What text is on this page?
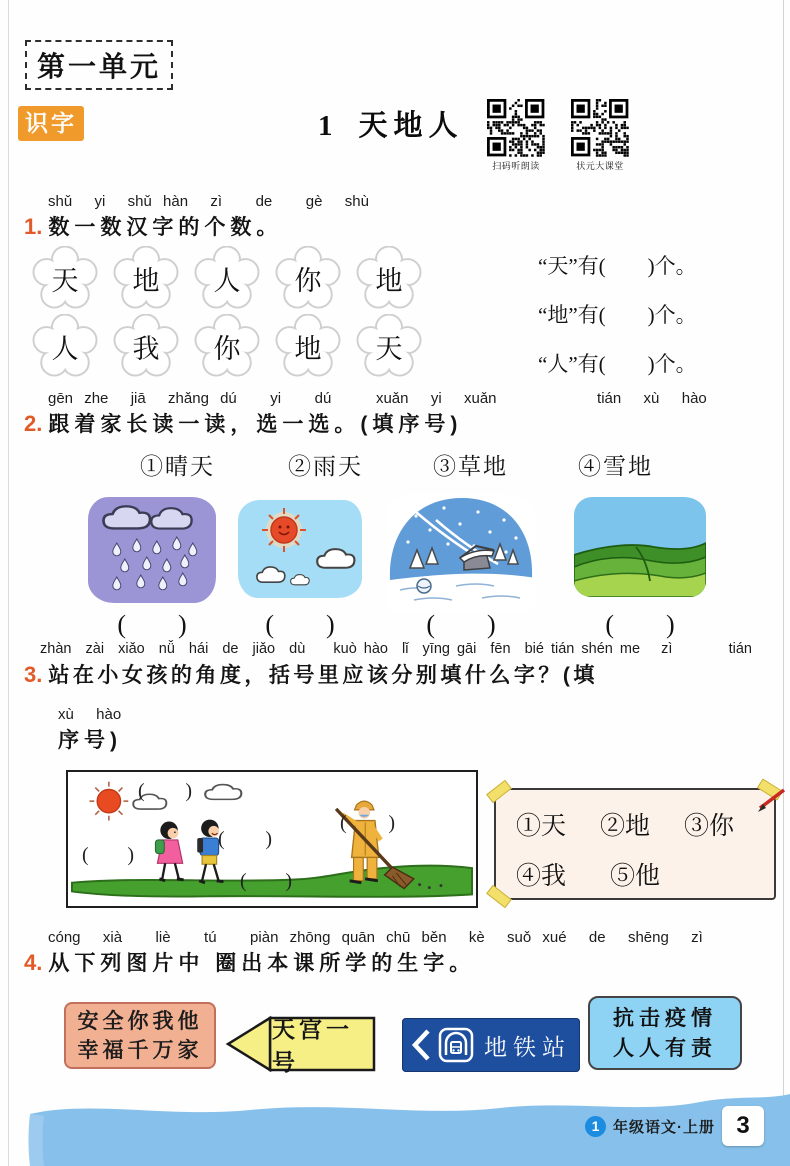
第一单元
识字	1 天地人
扫码听朗读	状元大课堂
shǔ  yi  shǔ hàn  zì   de   gè  shù
1. 数一数汉字的个数。
天	地	人	你	地
人	我	你	地	天
“天”有(　　)个。
“地”有(　　)个。
“人”有(　　)个。
gēn zhe  jiā  zhǎng dú   yi   dú    xuǎn  yi  xuǎn         tián  xù  hào
2. 跟着家长读一读，选一选。(填序号)
①晴天	②雨天	③草地	④雪地
(　　)	(　　)	(　　)	(　　)
zhàn  zài  xiǎo  nǚ  hái  de  jiǎo  dù    kuò hào  lǐ  yīng gāi  fēn  bié tián shén me   zì        tián
3. 站在小女孩的角度，括号里应该分别填什么字？(填
xù  hào
序号)
( )
( )
( )
( )
( )	①天 ②地 ③你
④我 ⑤他
cóng  xià   liè   tú   piàn zhōng quān chū běn  kè  suǒ xué  de  shēng  zì
4. 从下列图片中 圈出本课所学的生字。
安全你我他
幸福千万家
天宫一号
地铁站
抗击疫情
人人有责
1 年级语文·上册 3
